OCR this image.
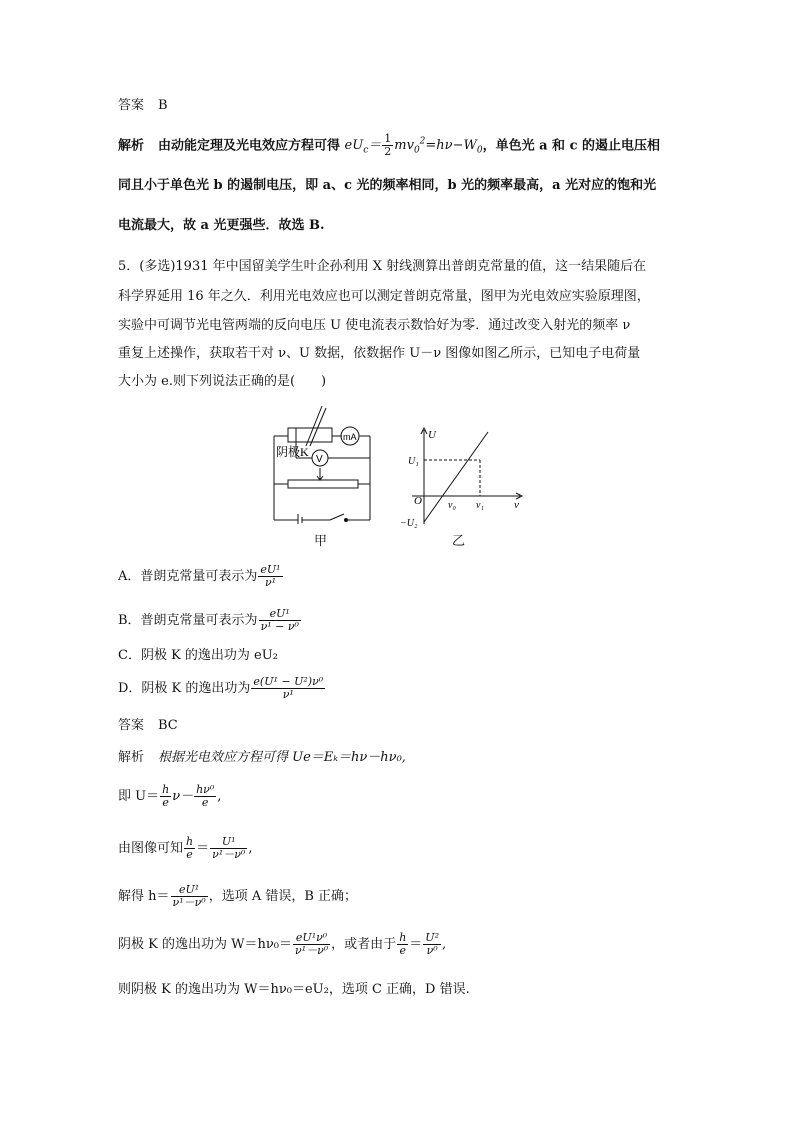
答案 B
解析 由动能定理及光电效应方程可得 $eU_c= \frac{1}{2} mv_0^2=h\nu-W_0$，单色光 a 和 c 的遏止电压相
同且小于单色光 b 的遏制电压，即 a、c 光的频率相同，b 光的频率最高，a 光对应的饱和光
电流最大，故 a 光更强些．故选 B.
5．(多选)1931 年中国留美学生叶企孙利用 X 射线测算出普朗克常量的值，这一结果随后在
科学界延用 16 年之久．利用光电效应也可以测定普朗克常量，图甲为光电效应实验原理图，
实验中可调节光电管两端的反向电压 U 使电流表示数恰好为零．通过改变入射光的频率 ν
重复上述操作，获取若干对 ν、U 数据，依数据作 U－ν 图像如图乙所示，已知电子电荷量
大小为 e.则下列说法正确的是(　　)
阴极K
mA
V
甲
U
ν
O
U₁
−U₂
ν₀ ν₁
乙
A．普朗克常量可表示为 $\frac{\text{eU¹}}{\text{ν¹}}$
B．普朗克常量可表示为 $\frac{\text{eU¹}}{\text{ν¹ − ν⁰}}$
C．阴极 K 的逸出功为 eU₂
D．阴极 K 的逸出功为 $\frac{\text{e(U¹ − U²)ν⁰}}{\text{ν¹}}$
答案 BC
解析 根据光电效应方程可得 Ue＝Eₖ＝hν－hν₀,
即 $U= \frac{h}{e} \nu- \frac{\text{hν⁰}}{e}$ ,
由图像可知 $\frac{h}{e} = \frac{\text{U¹}}{\text{ν¹－ν⁰}}$ ,
解得 $h= \frac{\text{eU¹}}{\text{ν¹－ν⁰}}$ ，选项 A 错误，B 正确；
阴极 K 的逸出功为 $W=h\nu_0= \frac{\text{eU¹ν⁰}}{\text{ν¹－ν⁰}}$ ，或者由于 $\frac{h}{e} = \frac{\text{U²}}{\text{ν⁰}}$ ,
则阴极 K 的逸出功为 W＝hν₀＝eU₂，选项 C 正确，D 错误.
